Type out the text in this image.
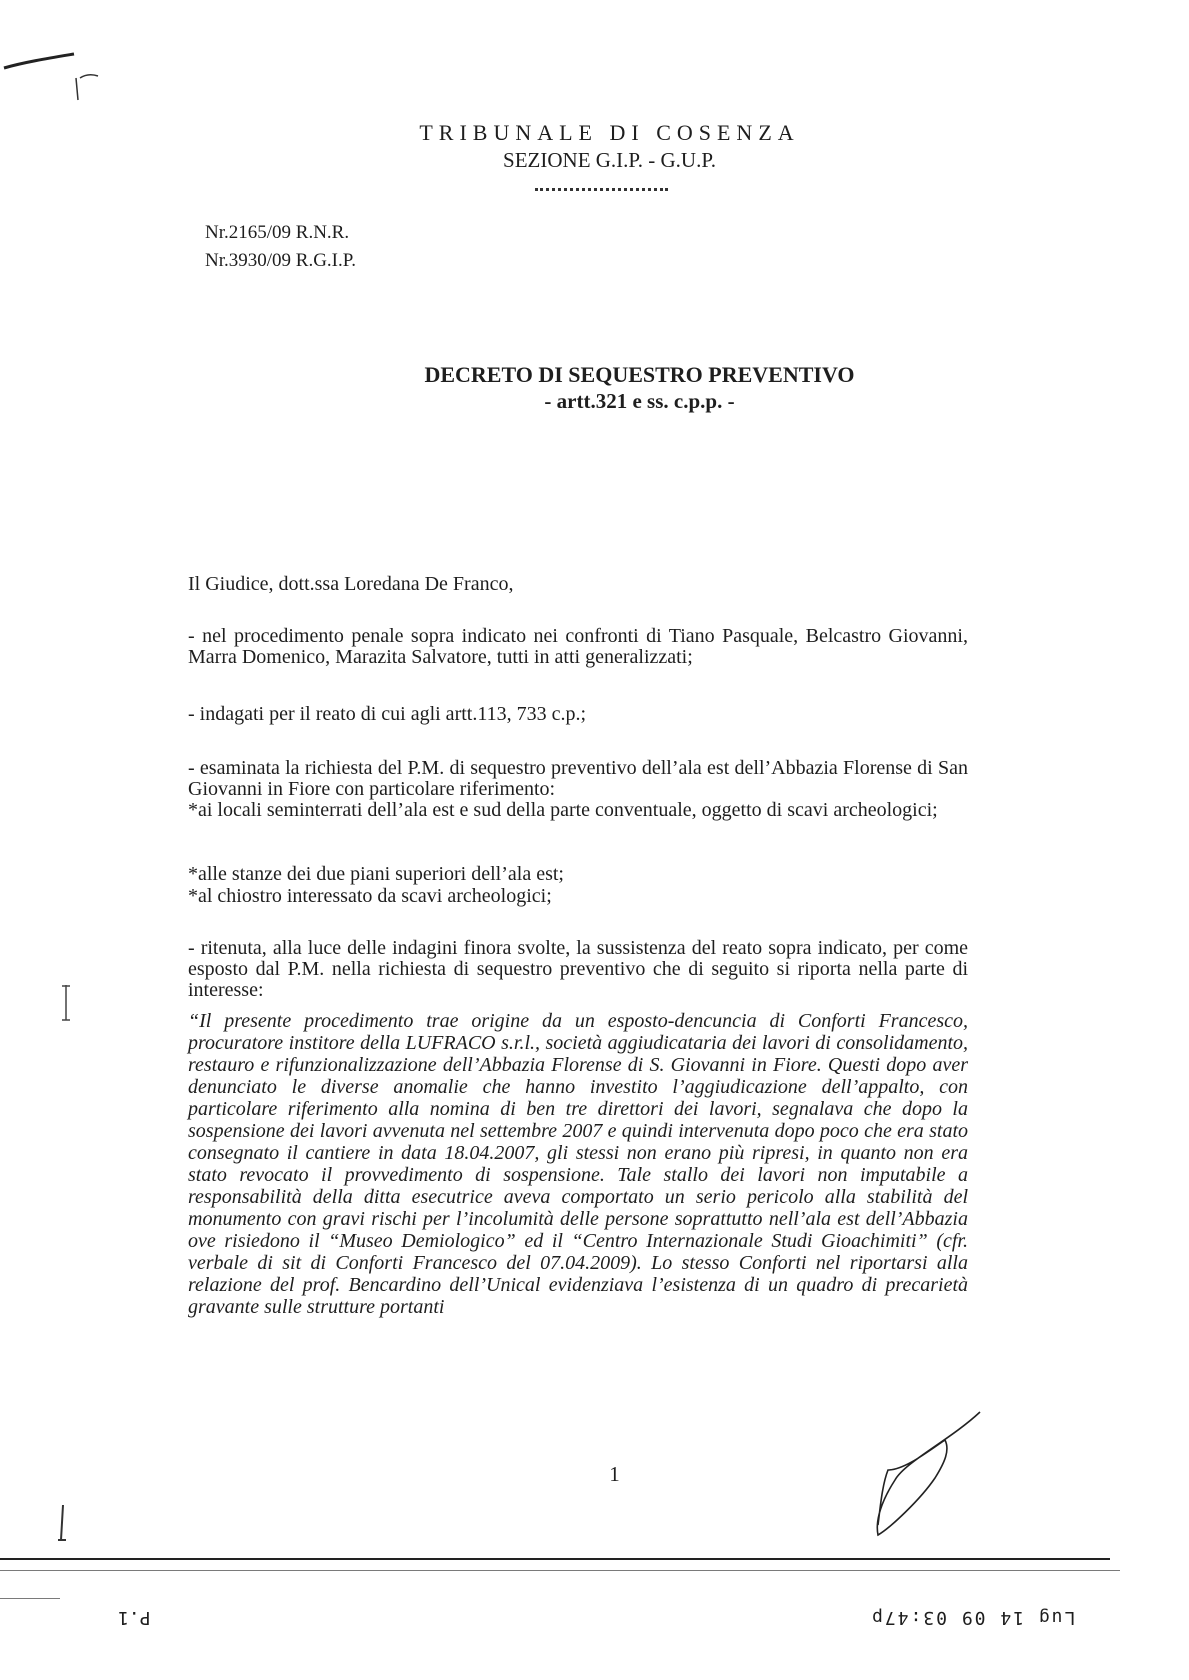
TRIBUNALE DI COSENZA
SEZIONE G.I.P. - G.U.P.
Nr.2165/09 R.N.R.
Nr.3930/09 R.G.I.P.
DECRETO DI SEQUESTRO PREVENTIVO
- artt.321 e ss. c.p.p. -
Il Giudice, dott.ssa Loredana De Franco,
- nel procedimento penale sopra indicato nei confronti di Tiano Pasquale, Belcastro Giovanni, Marra Domenico, Marazita Salvatore, tutti in atti generalizzati;
- indagati per il reato di cui agli artt.113, 733 c.p.;
- esaminata la richiesta del P.M. di sequestro preventivo dell’ala est dell’Abbazia Florense di San Giovanni in Fiore con particolare riferimento:
*ai locali seminterrati dell’ala est e sud della parte conventuale, oggetto di scavi archeologici;
*alle stanze dei due piani superiori dell’ala est;
*al chiostro interessato da scavi archeologici;
- ritenuta, alla luce delle indagini finora svolte, la sussistenza del reato sopra indicato, per come esposto dal P.M. nella richiesta di sequestro preventivo che di seguito si riporta nella parte di interesse:
“Il presente procedimento trae origine da un esposto-dencuncia di Conforti Francesco, procuratore institore della LUFRACO s.r.l., società aggiudicataria dei lavori di consolidamento, restauro e rifunzionalizzazione dell’Abbazia Florense di S. Giovanni in Fiore. Questi dopo aver denunciato le diverse anomalie che hanno investito l’aggiudicazione dell’appalto, con particolare riferimento alla nomina di ben tre direttori dei lavori, segnalava che dopo la sospensione dei lavori avvenuta nel settembre 2007 e quindi intervenuta dopo poco che era stato consegnato il cantiere in data 18.04.2007, gli stessi non erano più ripresi, in quanto non era stato revocato il provvedimento di sospensione. Tale stallo dei lavori non imputabile a responsabilità della ditta esecutrice aveva comportato un serio pericolo alla stabilità del monumento con gravi rischi per l’incolumità delle persone soprattutto nell’ala est dell’Abbazia ove risiedono il “Museo Demiologico” ed il “Centro Internazionale Studi Gioachimiti” (cfr. verbale di sit di Conforti Francesco del 07.04.2009). Lo stesso Conforti nel riportarsi alla relazione del prof. Bencardino dell’Unical evidenziava l’esistenza di un quadro di precarietà gravante sulle strutture portanti
1
P.1	Lug 14 09 03:47p
